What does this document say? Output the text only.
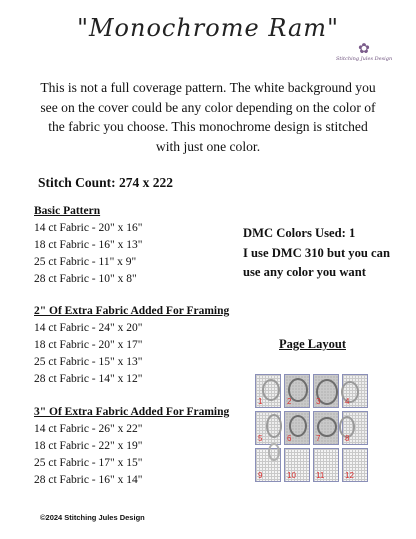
"Monochrome Ram"
✿
Stitching Jules Design
This is not a full coverage pattern. The white background you see on the cover could be any color depending on the color of the fabric you choose. This monochrome design is stitched with just one color.
Stitch Count: 274 x 222
Basic Pattern
14 ct Fabric - 20" x 16"
18 ct Fabric - 16" x 13"
25 ct Fabric - 11" x 9"
28 ct Fabric - 10" x 8"
2" Of Extra Fabric Added For Framing
14 ct Fabric - 24" x 20"
18 ct Fabric - 20" x 17"
25 ct Fabric - 15" x 13"
28 ct Fabric - 14" x 12"
3" Of Extra Fabric Added For Framing
14 ct Fabric - 26" x 22"
18 ct Fabric - 22" x 19"
25 ct Fabric - 17" x 15"
28 ct Fabric - 16" x 14"
DMC Colors Used: 1
I use DMC 310 but you can
use any color you want
Page Layout
1	2	3	4
5	6	7	8
9	10	11	12
©2024 Stitching Jules Design
